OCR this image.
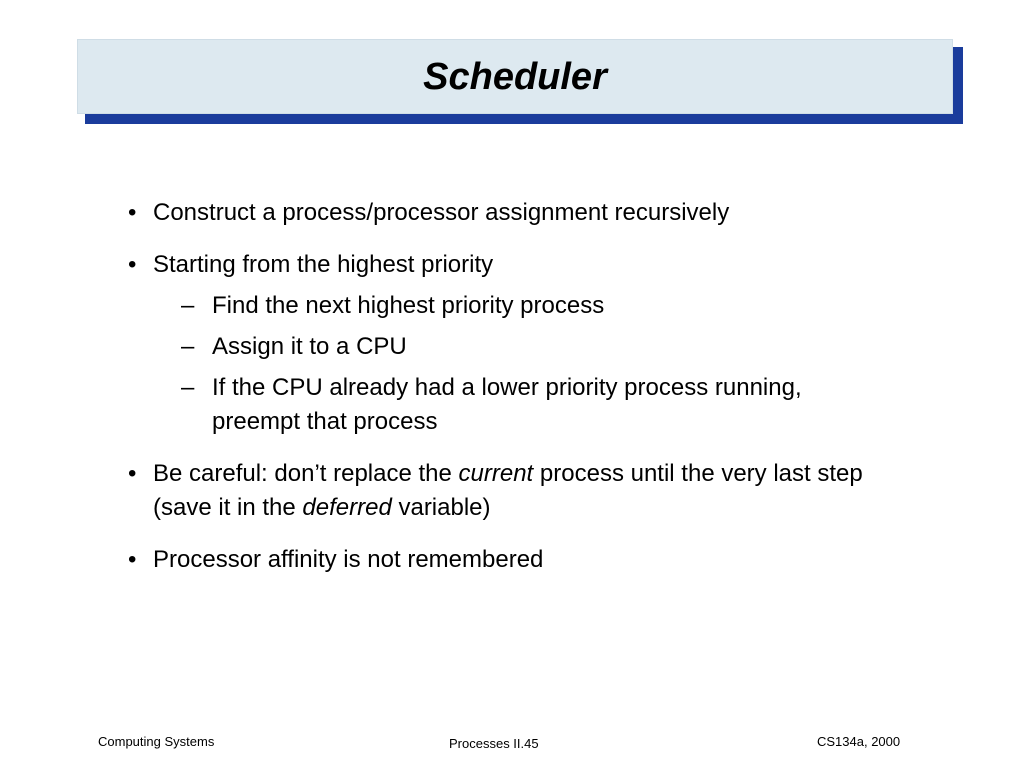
Scheduler
• Construct a process/processor assignment recursively
• Starting from the highest priority
– Find the next highest priority process
– Assign it to a CPU
– If the CPU already had a lower priority process running, preempt that process
• Be careful: don’t replace the current process until the very last step (save it in the deferred variable)
• Processor affinity is not remembered
Computing Systems	Processes II.45	CS134a, 2000
